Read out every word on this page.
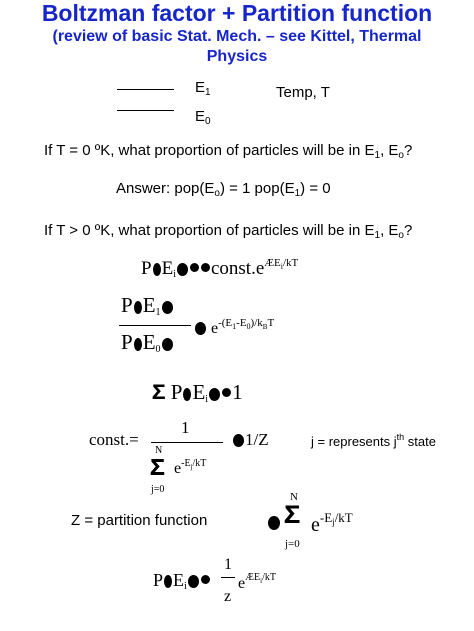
Boltzman factor + Partition function
(review of basic Stat. Mech. – see Kittel, Thermal
Physics
$E_1$
$E_0$
Temp, T
If T = 0 ºK, what proportion of particles will be in $E_1$, $E_o$?
Answer: $pop(E_o) = 1$ $pop(E_1) = 0$
If T > 0 ºK, what proportion of particles will be in $E_1$, $E_o$?
P $E_i$ $const.e^{ÆE_i/kT}$
P $E_1$
P $E_0$
$e^{-(E_1-E_0)/k_BT}$
𝚺 P $E_i$ 1
const.=
1
N
𝚺
j=0
$e^{-E_j/kT}$
1/Z	j = represents $j^{th}$ state
Z = partition function
N
𝚺
j=0
$e^{-E_j/kT}$
P $E_i$
1
z
$e^{ÆE_i/kT}$
